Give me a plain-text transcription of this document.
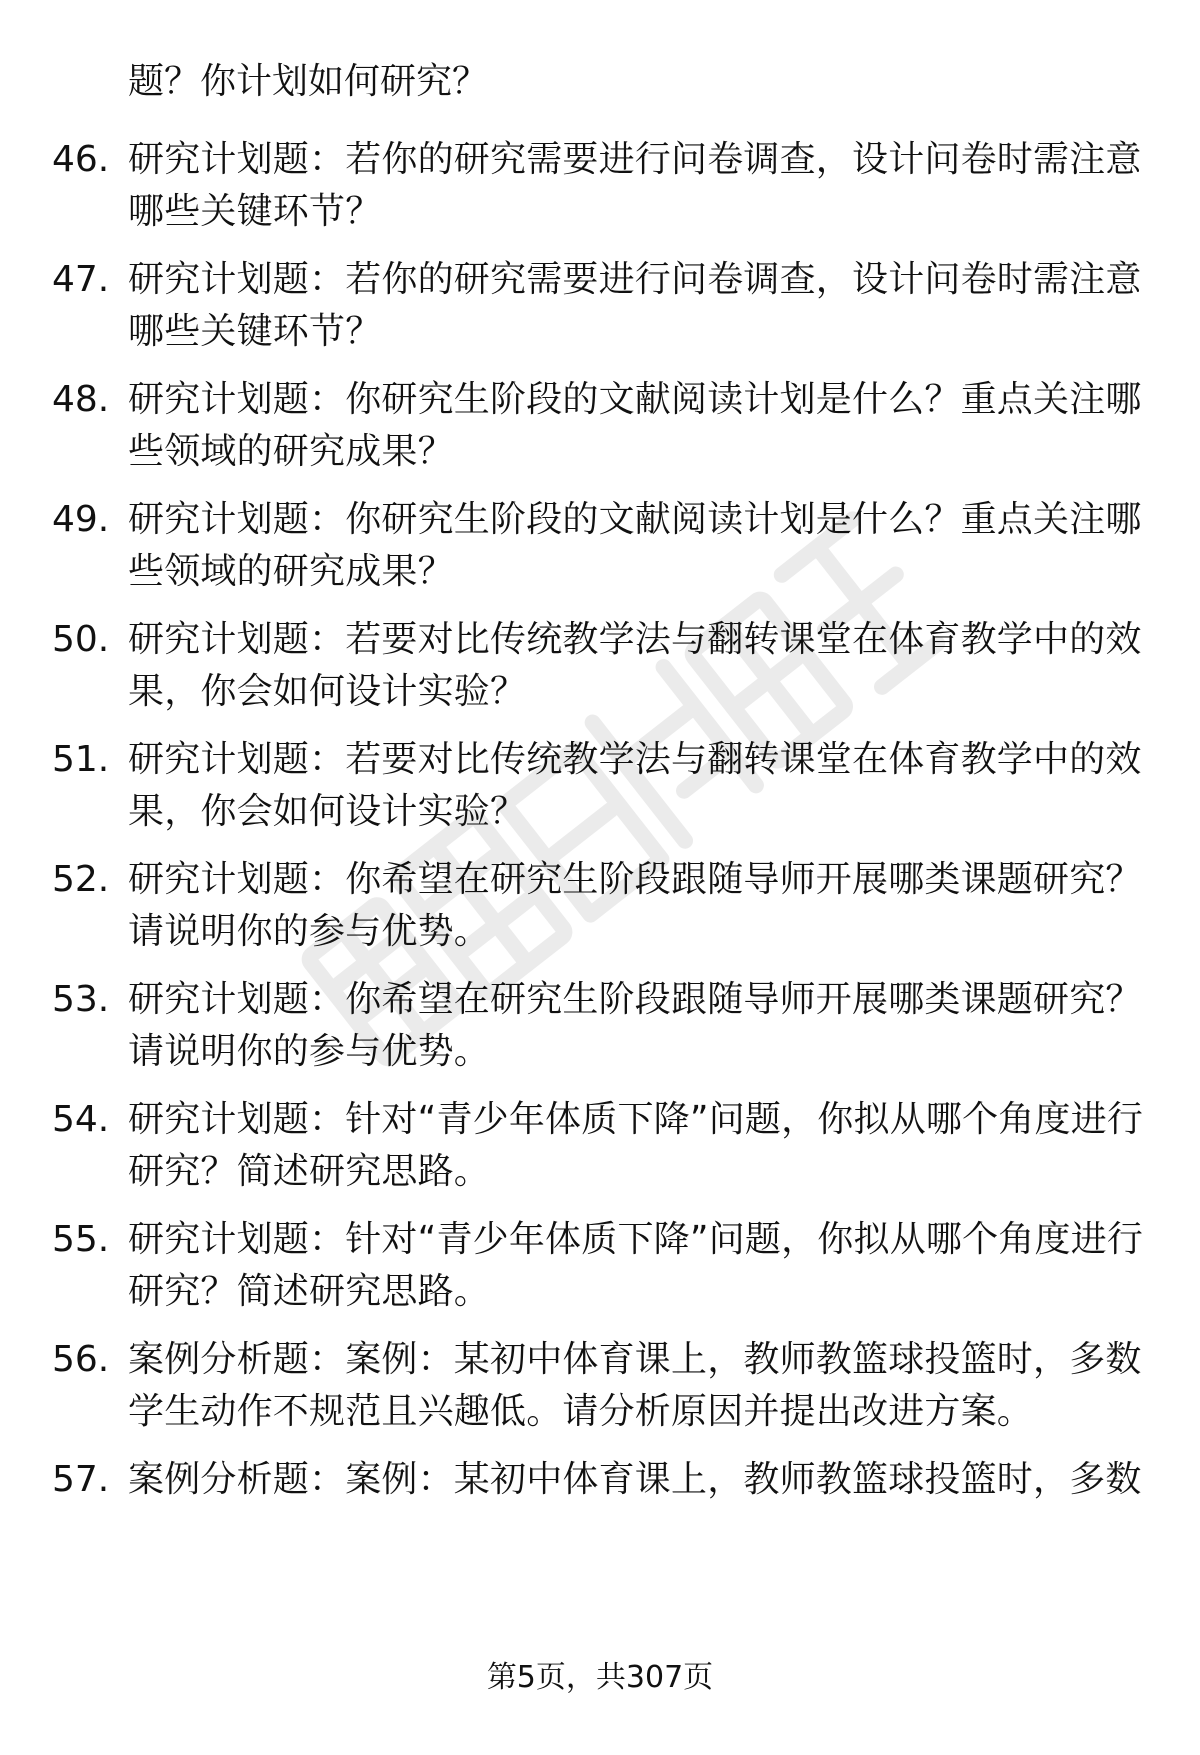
题？你计划如何研究？
46. 研究计划题：若你的研究需要进行问卷调查，设计问卷时需注意哪些关键环节？
47. 研究计划题：若你的研究需要进行问卷调查，设计问卷时需注意哪些关键环节？
48. 研究计划题：你研究生阶段的文献阅读计划是什么？重点关注哪些领域的研究成果？
49. 研究计划题：你研究生阶段的文献阅读计划是什么？重点关注哪些领域的研究成果？
50. 研究计划题：若要对比传统教学法与翻转课堂在体育教学中的效果，你会如何设计实验？
51. 研究计划题：若要对比传统教学法与翻转课堂在体育教学中的效果，你会如何设计实验？
52. 研究计划题：你希望在研究生阶段跟随导师开展哪类课题研究？请说明你的参与优势。
53. 研究计划题：你希望在研究生阶段跟随导师开展哪类课题研究？请说明你的参与优势。
54. 研究计划题：针对“青少年体质下降”问题，你拟从哪个角度进行研究？简述研究思路。
55. 研究计划题：针对“青少年体质下降”问题，你拟从哪个角度进行研究？简述研究思路。
56. 案例分析题：案例：某初中体育课上，教师教篮球投篮时，多数学生动作不规范且兴趣低。请分析原因并提出改进方案。
57. 案例分析题：案例：某初中体育课上，教师教篮球投篮时，多数
第5页，共307页
